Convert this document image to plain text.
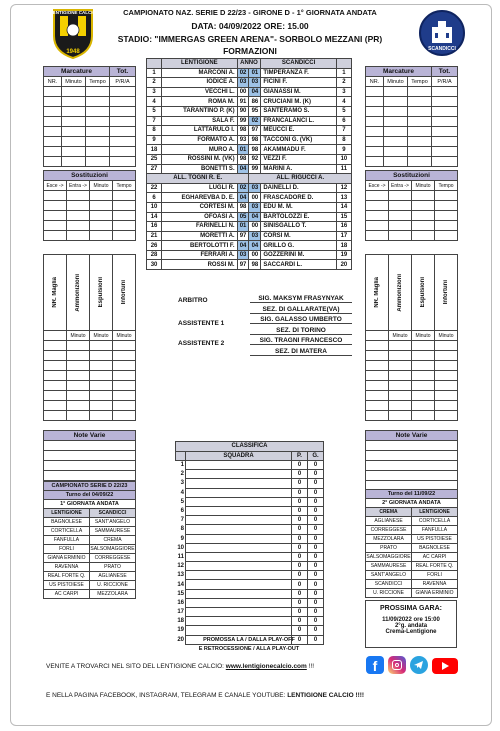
CAMPIONATO NAZ. SERIE D 22/23 - GIRONE D - 1° GIORNATA ANDATA
DATA: 04/09/2022 ORE: 15.00
STADIO: "IMMERGAS GREEN ARENA"- SORBOLO MEZZANI (PR)
FORMAZIONI
1948
LENTIGIONE CALCIO
SCANDICCI
	LENTIGIONE	ANNO		SCANDICCI	
1	MARCONI A.	02	01	TIMPERANZA F.	1
2	IODICE A.	03	03	FICINI F.	2
3	VECCHI L.	00	04	GIANASSI M.	3
4	ROMA M.	91	86	CRUCIANI M. (K)	4
5	TARANTINO P. (K)	90	95	SANTERAMO S.	5
7	SALA F.	99	02	FRANCALANCI L.	6
8	LATTARULO I.	98	97	MEUCCI E.	7
9	FORMATO A.	93	98	TACCONI G. (VK)	8
18	MURO A.	01	98	AKAMMADU F.	9
25	ROSSINI M. (VK)	98	92	VEZZI F.	10
27	BONETTI S.	04	99	MARINI A.	11
ALL. TOGNI R. E.			ALL. RIGUCCI A.		
22	LUGLI R.	02	03	DAINELLI D.	12
6	EGHAREVBA D. E.	04	00	FRASCADORE D.	13
10	CORTESI M.	98	03	EDU M. M.	14
14	OFOASI A.	05	04	BARTOLOZZI E.	15
16	FARINELLI N.	01	00	SINISGALLO T.	16
21	MORETTI A.	97	03	CORSI M.	17
26	BERTOLOTTI F.	04	04	GRILLO G.	18
28	FERRARI A.	03	00	GOZZERINI M.	19
30	ROSSI M.	97	98	SACCARDI L.	20
Marcature			Tot.
NR.	Minuto	Tempo	P/R/A

Sostituzioni			
Esce ->	Entra ->	Minuto	Tempo

NR. Maglia	Ammonizioni	Espulsioni	Infortuni

	Minuto	Minuto	Minuto

Note Varie			

Marcature			Tot.
NR.	Minuto	Tempo	P/R/A

Sostituzioni			
Esce ->	Entra ->	Minuto	Tempo

NR. Maglia	Ammonizioni	Espulsioni	Infortuni

	Minuto	Minuto	Minuto

Note Varie			

ARBITRO	SIG. MAKSYM FRASYNYAK
SEZ. DI GALLARATE(VA)
ASSISTENTE 1
SIG. GALASSO UMBERTO
SEZ. DI TORINO
ASSISTENTE 2	SIG. TRAGNI FRANCESCO
SEZ. DI MATERA
CLASSIFICA			
	SQUADRA	P.	G.
1		0	0
2		0	0
3		0	0
4		0	0
5		0	0
6		0	0
7		0	0
8		0	0
9		0	0
10		0	0
11		0	0
12		0	0
13		0	0
14		0	0
15		0	0
16		0	0
17		0	0
18		0	0
19		0	0
20		0	0
PROMOSSA LA / DALLA PLAY-OFF
E RETROCESSIONE / ALLA PLAY-OUT
CAMPIONATO SERIE D 22/23	
Turno del 04/09/22	
1° GIORNATA ANDATA	
LENTIGIONE	SCANDICCI
BAGNOLESE	SANT'ANGELO
CORTICELLA	SAMMAURESE
FANFULLA	CREMA
FORLI	SALSOMAGGIORE
GIANA ERMINIO	CORREGGESE
RAVENNA	PRATO
REAL FORTE Q.	AGLIANESE
US PISTOIESE	U. RICCIONE
AC CARPI	MEZZOLARA
Turno del 11/09/22	
2° GIORNATA ANDATA	
CREMA	LENTIGIONE
AGLIANESE	CORTICELLA
CORREGGESE	FANFULLA
MEZZOLARA	US PISTOIESE
PRATO	BAGNOLESE
SALSOMAGGIORE	AC CARPI
SAMMAURESE	REAL FORTE Q.
SANT'ANGELO	FORLI
SCANDICCI	RAVENNA
U. RICCIONE	GIANA ERMINIO
PROSSIMA GARA:
11/09/2022 ore 15:00
2°g. andata
Crema-Lentigione
VENITE A TROVARCI NEL SITO DEL LENTIGIONE CALCIO: www.lentigionecalcio.com !!!
E NELLA PAGINA FACEBOOK, INSTAGRAM, TELEGRAM E CANALE YOUTUBE: LENTIGIONE CALCIO !!!!
f
